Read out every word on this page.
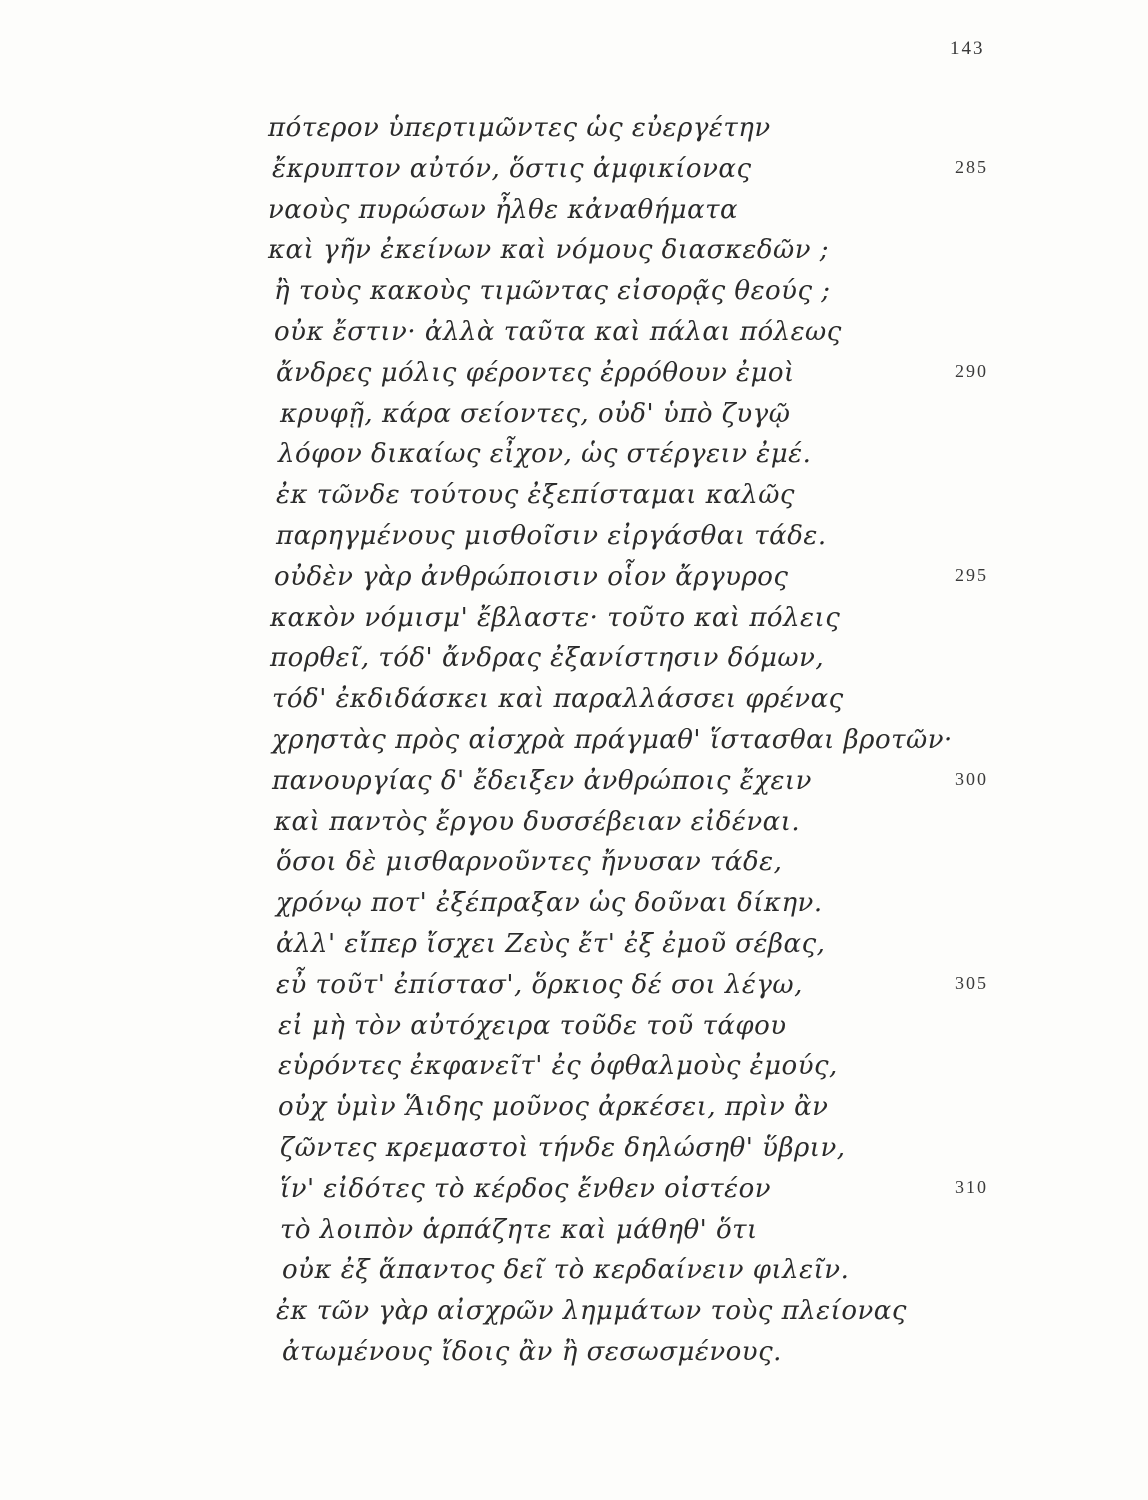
143
πότερον ὑπερτιμῶντες ὡς εὐεργέτην
ἔκρυπτον αὐτόν, ὅστις ἀμφικίονας	285
ναοὺς πυρώσων ἦλθε κἀναθήματα
καὶ γῆν ἐκείνων καὶ νόμους διασκεδῶν ;
ἢ τοὺς κακοὺς τιμῶντας εἰσορᾷς θεούς ;
οὐκ ἔστιν· ἀλλὰ ταῦτα καὶ πάλαι πόλεως
ἄνδρες μόλις φέροντες ἐρρόθουν ἐμοὶ	290
κρυφῇ, κάρα σείοντες, οὐδ' ὑπὸ ζυγῷ
λόφον δικαίως εἶχον, ὡς στέργειν ἐμέ.
ἐκ τῶνδε τούτους ἐξεπίσταμαι καλῶς
παρηγμένους μισθοῖσιν εἰργάσθαι τάδε.
οὐδὲν γὰρ ἀνθρώποισιν οἷον ἄργυρος	295
κακὸν νόμισμ' ἔβλαστε· τοῦτο καὶ πόλεις
πορθεῖ, τόδ' ἄνδρας ἐξανίστησιν δόμων,
τόδ' ἐκδιδάσκει καὶ παραλλάσσει φρένας
χρηστὰς πρὸς αἰσχρὰ πράγμαθ' ἵστασθαι βροτῶν·
πανουργίας δ' ἔδειξεν ἀνθρώποις ἔχειν	300
καὶ παντὸς ἔργου δυσσέβειαν εἰδέναι.
ὅσοι δὲ μισθαρνοῦντες ἤνυσαν τάδε,
χρόνῳ ποτ' ἐξέπραξαν ὡς δοῦναι δίκην.
ἀλλ' εἴπερ ἴσχει Ζεὺς ἔτ' ἐξ ἐμοῦ σέβας,
εὖ τοῦτ' ἐπίστασ', ὅρκιος δέ σοι λέγω,	305
εἰ μὴ τὸν αὐτόχειρα τοῦδε τοῦ τάφου
εὑρόντες ἐκφανεῖτ' ἐς ὀφθαλμοὺς ἐμούς,
οὐχ ὑμὶν Ἅιδης μοῦνος ἀρκέσει, πρὶν ἂν
ζῶντες κρεμαστοὶ τήνδε δηλώσηθ' ὕβριν,
ἵν' εἰδότες τὸ κέρδος ἔνθεν οἰστέον	310
τὸ λοιπὸν ἁρπάζητε καὶ μάθηθ' ὅτι
οὐκ ἐξ ἅπαντος δεῖ τὸ κερδαίνειν φιλεῖν.
ἐκ τῶν γὰρ αἰσχρῶν λημμάτων τοὺς πλείονας
ἀτωμένους ἴδοις ἂν ἢ σεσωσμένους.
